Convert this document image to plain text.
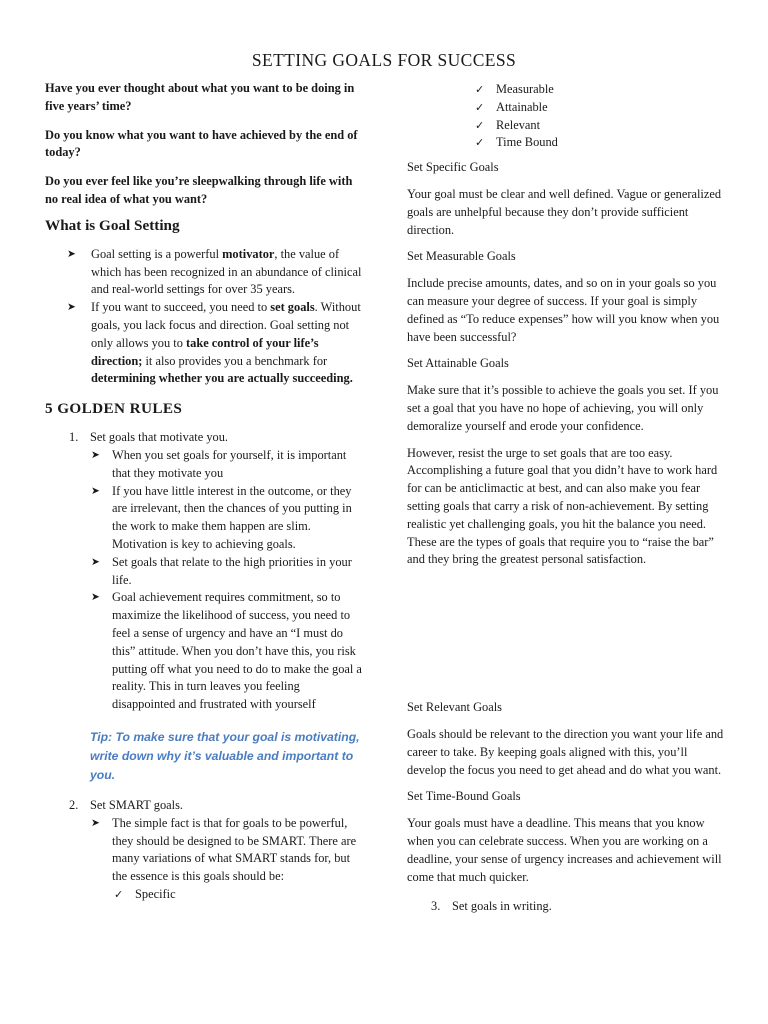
SETTING GOALS FOR SUCCESS

Have you ever thought about what you want to be doing in five years’ time?

Do you know what you want to have achieved by the end of today?

Do you ever feel like you’re sleepwalking through life with no real idea of what you want?

What is Goal Setting
➤ Goal setting is a powerful motivator, the value of which has been recognized in an abundance of clinical and real-world settings for over 35 years.
➤ If you want to succeed, you need to set goals. Without goals, you lack focus and direction. Goal setting not only allows you to take control of your life’s direction; it also provides you a benchmark for determining whether you are actually succeeding.
5 GOLDEN RULES
1. Set goals that motivate you.
➤ When you set goals for yourself, it is important that they motivate you
➤ If you have little interest in the outcome, or they are irrelevant, then the chances of you putting in the work to make them happen are slim. Motivation is key to achieving goals.
➤ Set goals that relate to the high priorities in your life.
➤ Goal achievement requires commitment, so to maximize the likelihood of success, you need to feel a sense of urgency and have an “I must do this” attitude. When you don’t have this, you risk putting off what you need to do to make the goal a reality. This in turn leaves you feeling disappointed and frustrated with yourself

Tip: To make sure that your goal is motivating, write down why it’s valuable and important to you.

2. Set SMART goals.
➤ The simple fact is that for goals to be powerful, they should be designed to be SMART. There are many variations of what SMART stands for, but the essence is this goals should be:
✓ Specific
✓ Measurable
✓ Attainable
✓ Relevant
✓ Time Bound

Set Specific Goals

Your goal must be clear and well defined. Vague or generalized goals are unhelpful because they don’t provide sufficient direction.

Set Measurable Goals

Include precise amounts, dates, and so on in your goals so you can measure your degree of success. If your goal is simply defined as “To reduce expenses” how will you know when you have been successful?

Set Attainable Goals

Make sure that it’s possible to achieve the goals you set. If you set a goal that you have no hope of achieving, you will only demoralize yourself and erode your confidence.

However, resist the urge to set goals that are too easy. Accomplishing a future goal that you didn’t have to work hard for can be anticlimactic at best, and can also make you fear setting goals that carry a risk of non-achievement. By setting realistic yet challenging goals, you hit the balance you need. These are the types of goals that require you to “raise the bar” and they bring the greatest personal satisfaction.

Set Relevant Goals

Goals should be relevant to the direction you want your life and career to take. By keeping goals aligned with this, you’ll develop the focus you need to get ahead and do what you want.

Set Time-Bound Goals

Your goals must have a deadline. This means that you know when you can celebrate success. When you are working on a deadline, your sense of urgency increases and achievement will come that much quicker.

3. Set goals in writing.
